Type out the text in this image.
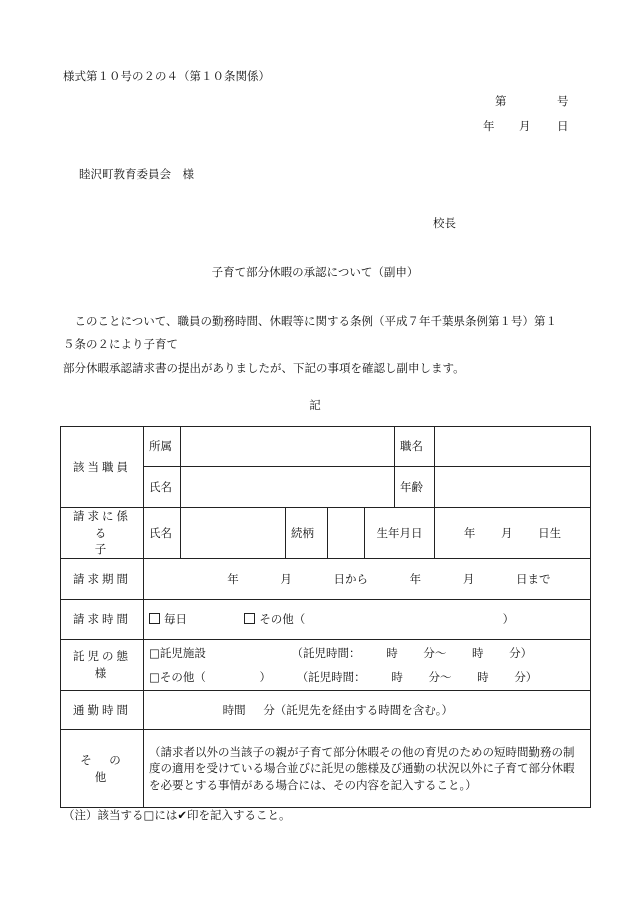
様式第１０号の２の４（第１０条関係）
第	号
年 月 日
睦沢町教育委員会　様
校長
子育て部分休暇の承認について（副申）
　このことについて、職員の勤務時間、休暇等に関する条例（平成７年千葉県条例第１号）第１
５条の２により子育て
部分休暇承認請求書の提出がありましたが、下記の事項を確認し副申します。
記
該当職員	所属					職名	
	氏名					年齢	
請求に係る
子	氏名		続柄		生年月日		年 月 日生
請求期間	年 月 日から 年 月 日まで						
請求時間	毎日 その他（ ）						
託児の態様	□託児施設 （託児時間： 時 分～ 時 分）
□その他（ ） （託児時間： 時 分～ 時 分）						

通勤時間	時間 分（託児先を経由する時間を含む。）						
そ　の　他	（請求者以外の当該子の親が子育て部分休暇その他の育児のための短時間勤務の制度の適用を受けている場合並びに託児の態様及び通勤の状況以外に子育て部分休暇を必要とする事情がある場合には、その内容を記入すること。）						
（注）該当する□には✔印を記入すること。
